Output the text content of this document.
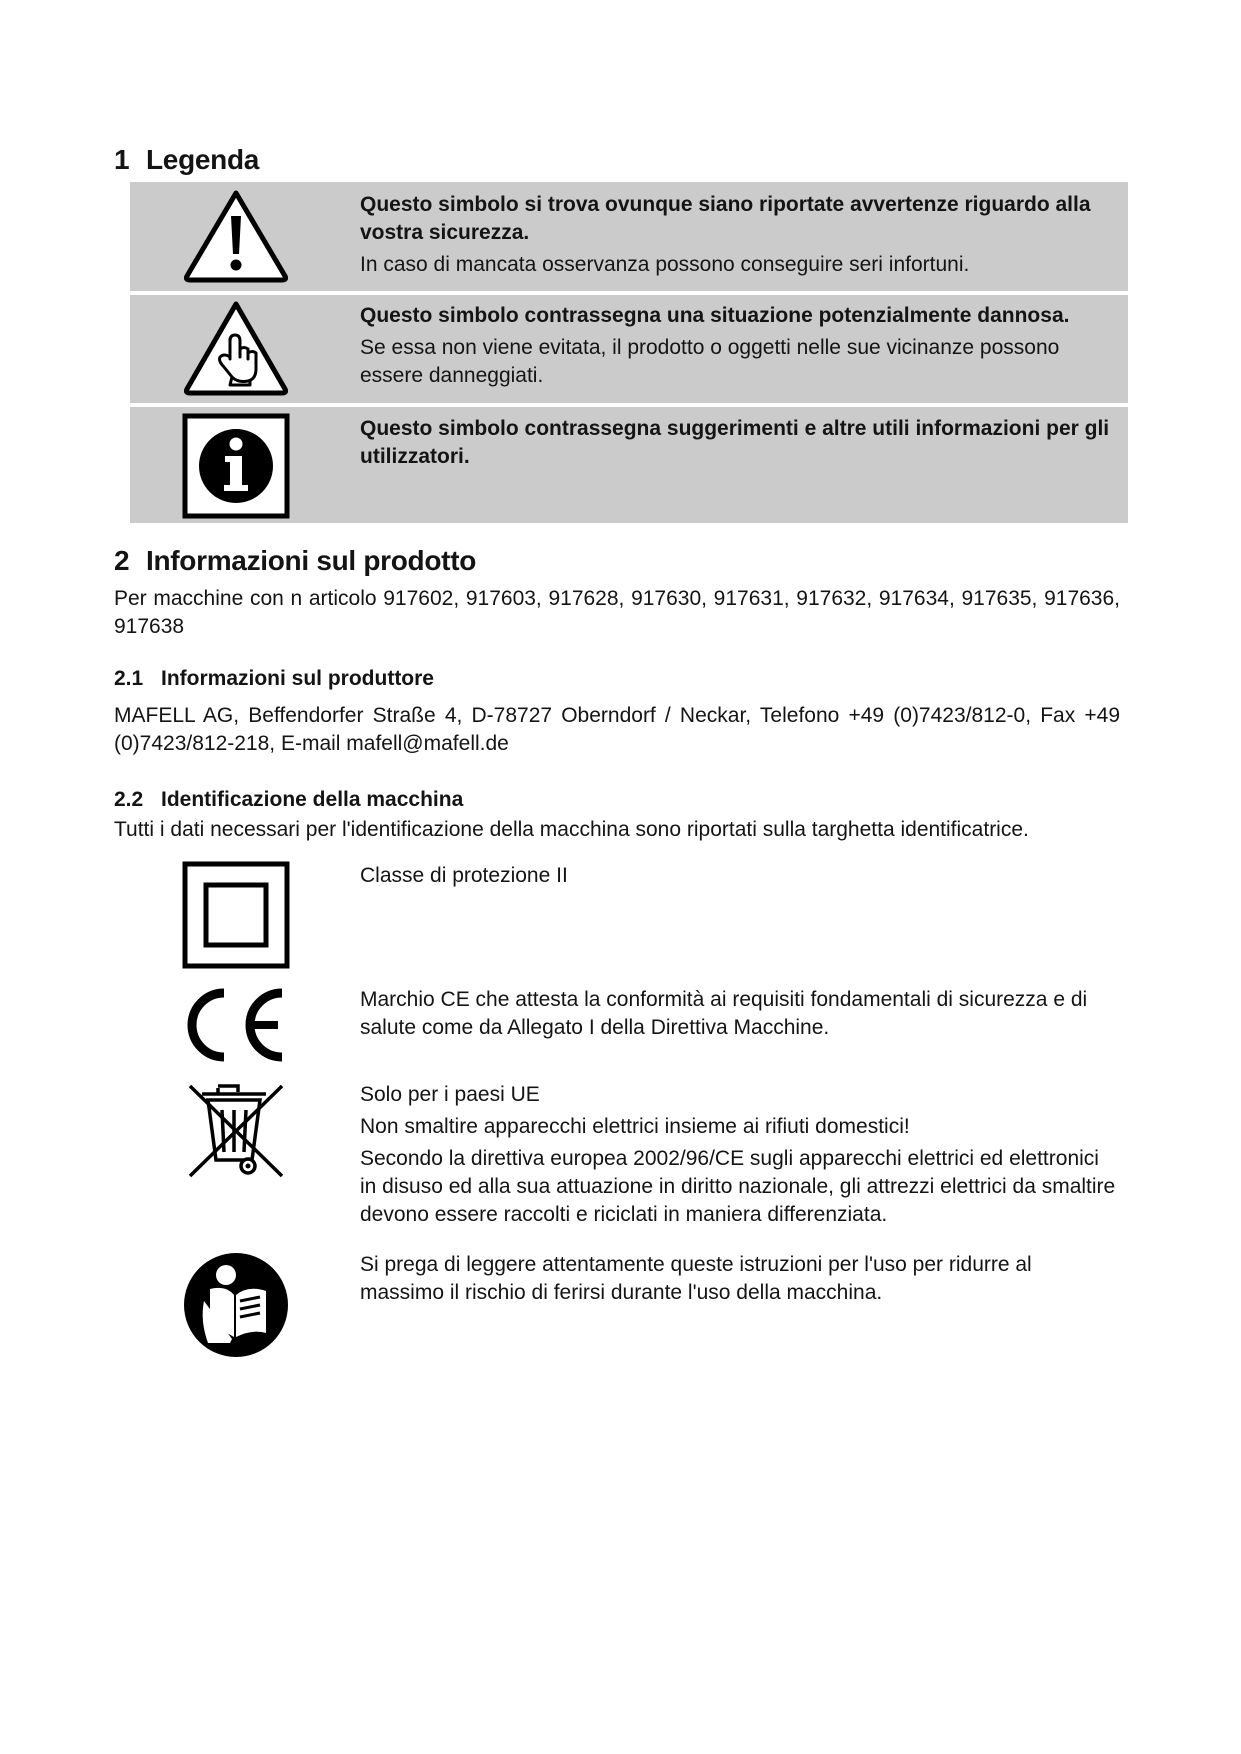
1 Legenda
Questo simbolo si trova ovunque siano riportate avvertenze riguardo alla vostra sicurezza.
In caso di mancata osservanza possono conseguire seri infortuni.
Questo simbolo contrassegna una situazione potenzialmente dannosa.
Se essa non viene evitata, il prodotto o oggetti nelle sue vicinanze possono essere danneggiati.
Questo simbolo contrassegna suggerimenti e altre utili informazioni per gli utilizzatori.
2 Informazioni sul prodotto
Per macchine con n articolo 917602, 917603, 917628, 917630, 917631, 917632, 917634, 917635, 917636, 917638
2.1 Informazioni sul produttore
MAFELL AG, Beffendorfer Straße 4, D-78727 Oberndorf / Neckar, Telefono +49 (0)7423/812-0, Fax +49 (0)7423/812-218, E-mail mafell@mafell.de
2.2 Identificazione della macchina
Tutti i dati necessari per l'identificazione della macchina sono riportati sulla targhetta identificatrice.
Classe di protezione II
Marchio CE che attesta la conformità ai requisiti fondamentali di sicurezza e di salute come da Allegato I della Direttiva Macchine.
Solo per i paesi UE
Non smaltire apparecchi elettrici insieme ai rifiuti domestici!
Secondo la direttiva europea 2002/96/CE sugli apparecchi elettrici ed elettronici in disuso ed alla sua attuazione in diritto nazionale, gli attrezzi elettrici da smaltire devono essere raccolti e riciclati in maniera differenziata.
Si prega di leggere attentamente queste istruzioni per l'uso per ridurre al massimo il rischio di ferirsi durante l'uso della macchina.
